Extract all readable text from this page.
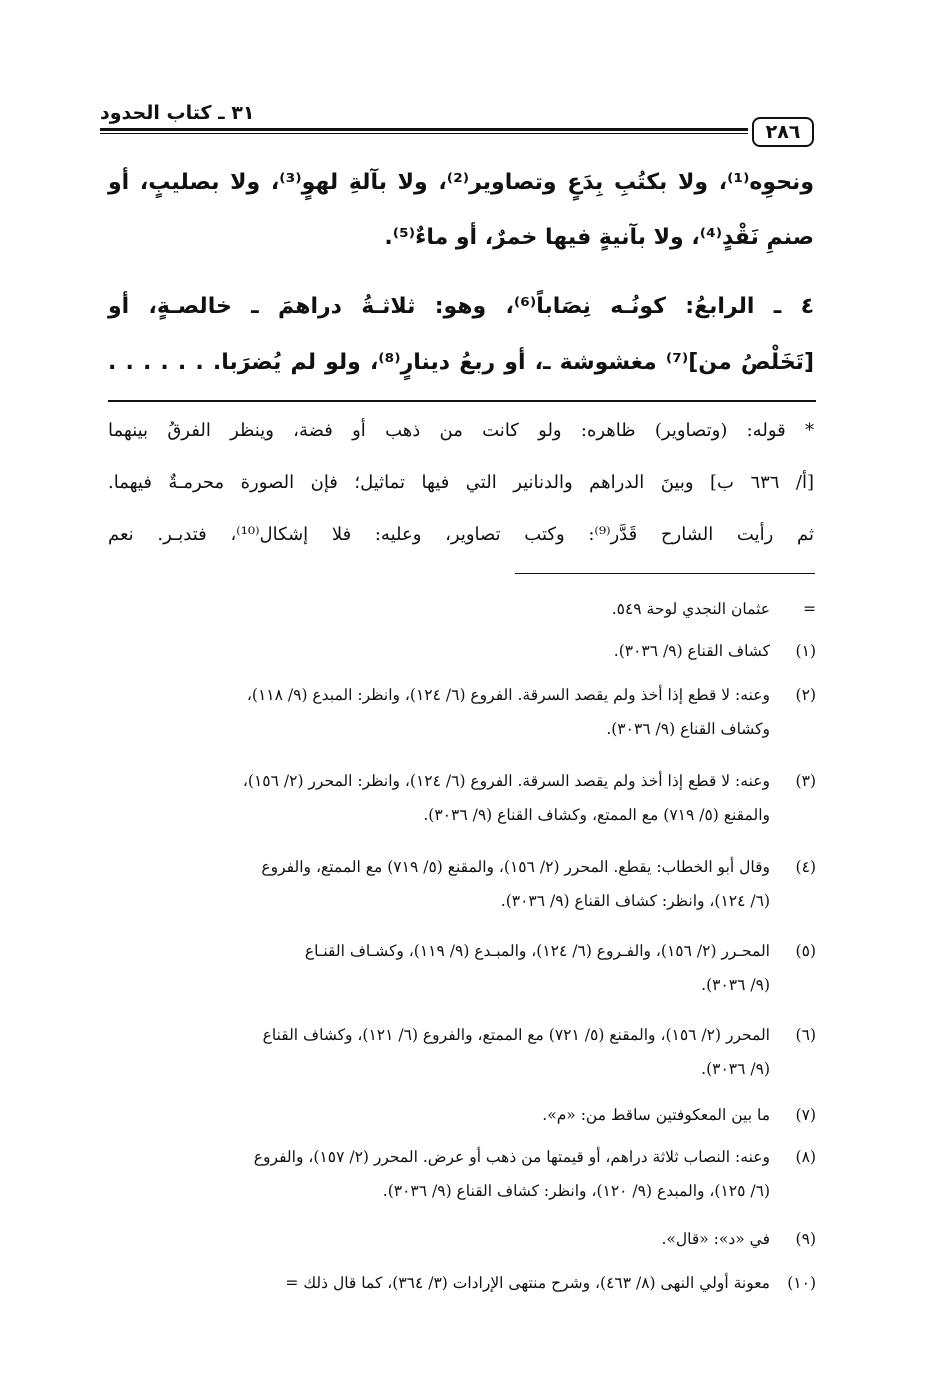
٣١ ـ كتاب الحدود
٢٨٦
ونحوِه⁽¹⁾، ولا بكتُبِ بِدَعٍ وتصاوير⁽²⁾، ولا بآلةِ لهوٍ⁽³⁾، ولا بصليبٍ، أو
صنمِ نَقْدٍ⁽⁴⁾، ولا بآنيةٍ فيها خمرٌ، أو ماءٌ⁽⁵⁾.
٤ ـ الرابعُ: كونُـه نِصَاباً⁽⁶⁾، وهو: ثلاثـةُ دراهمَ ـ خالصـةٍ، أو
[تَخَلْصُ من]⁽⁷⁾ مغشوشة ـ، أو ربعُ دينارٍ⁽⁸⁾، ولو لم يُضرَبا. . . . . . .
* قوله: (وتصاوير) ظاهره: ولو كانت من ذهب أو فضة، وينظر الفرقُ بينهما
[أ/ ٦٣٦ ب] وبينَ الدراهم والدنانير التي فيها تماثيل؛ فإن الصورة محرمـةٌ فيهما.
ثم رأيت الشارح قَدَّر⁽⁹⁾: وكتب تصاوير، وعليه: فلا إشكال⁽¹⁰⁾، فتدبـر. نعم
=عثمان النجدي لوحة ٥٤٩.
(١)كشاف القناع (٩/ ٣٠٣٦).
(٢)وعنه: لا قطع إذا أخذ ولم يقصد السرقة. الفروع (٦/ ١٢٤)، وانظر: المبدع (٩/ ١١٨)،
وكشاف القناع (٩/ ٣٠٣٦).
(٣)وعنه: لا قطع إذا أخذ ولم يقصد السرقة. الفروع (٦/ ١٢٤)، وانظر: المحرر (٢/ ١٥٦)،
والمقنع (٥/ ٧١٩) مع الممتع، وكشاف القناع (٩/ ٣٠٣٦).
(٤)وقال أبو الخطاب: يقطع. المحرر (٢/ ١٥٦)، والمقنع (٥/ ٧١٩) مع الممتع، والفروع
(٦/ ١٢٤)، وانظر: كشاف القناع (٩/ ٣٠٣٦).
(٥)المحـرر (٢/ ١٥٦)، والفـروع (٦/ ١٢٤)، والمبـدع (٩/ ١١٩)، وكشـاف القنـاع
(٩/ ٣٠٣٦).
(٦)المحرر (٢/ ١٥٦)، والمقنع (٥/ ٧٢١) مع الممتع، والفروع (٦/ ١٢١)، وكشاف القناع
(٩/ ٣٠٣٦).
(٧)ما بين المعكوفتين ساقط من: «م».
(٨)وعنه: النصاب ثلاثة دراهم، أو قيمتها من ذهب أو عرض. المحرر (٢/ ١٥٧)، والفروع
(٦/ ١٢٥)، والمبدع (٩/ ١٢٠)، وانظر: كشاف القناع (٩/ ٣٠٣٦).
(٩)في «د»: «قال».
(١٠)معونة أولي النهى (٨/ ٤٦٣)، وشرح منتهى الإرادات (٣/ ٣٦٤)، كما قال ذلك =
